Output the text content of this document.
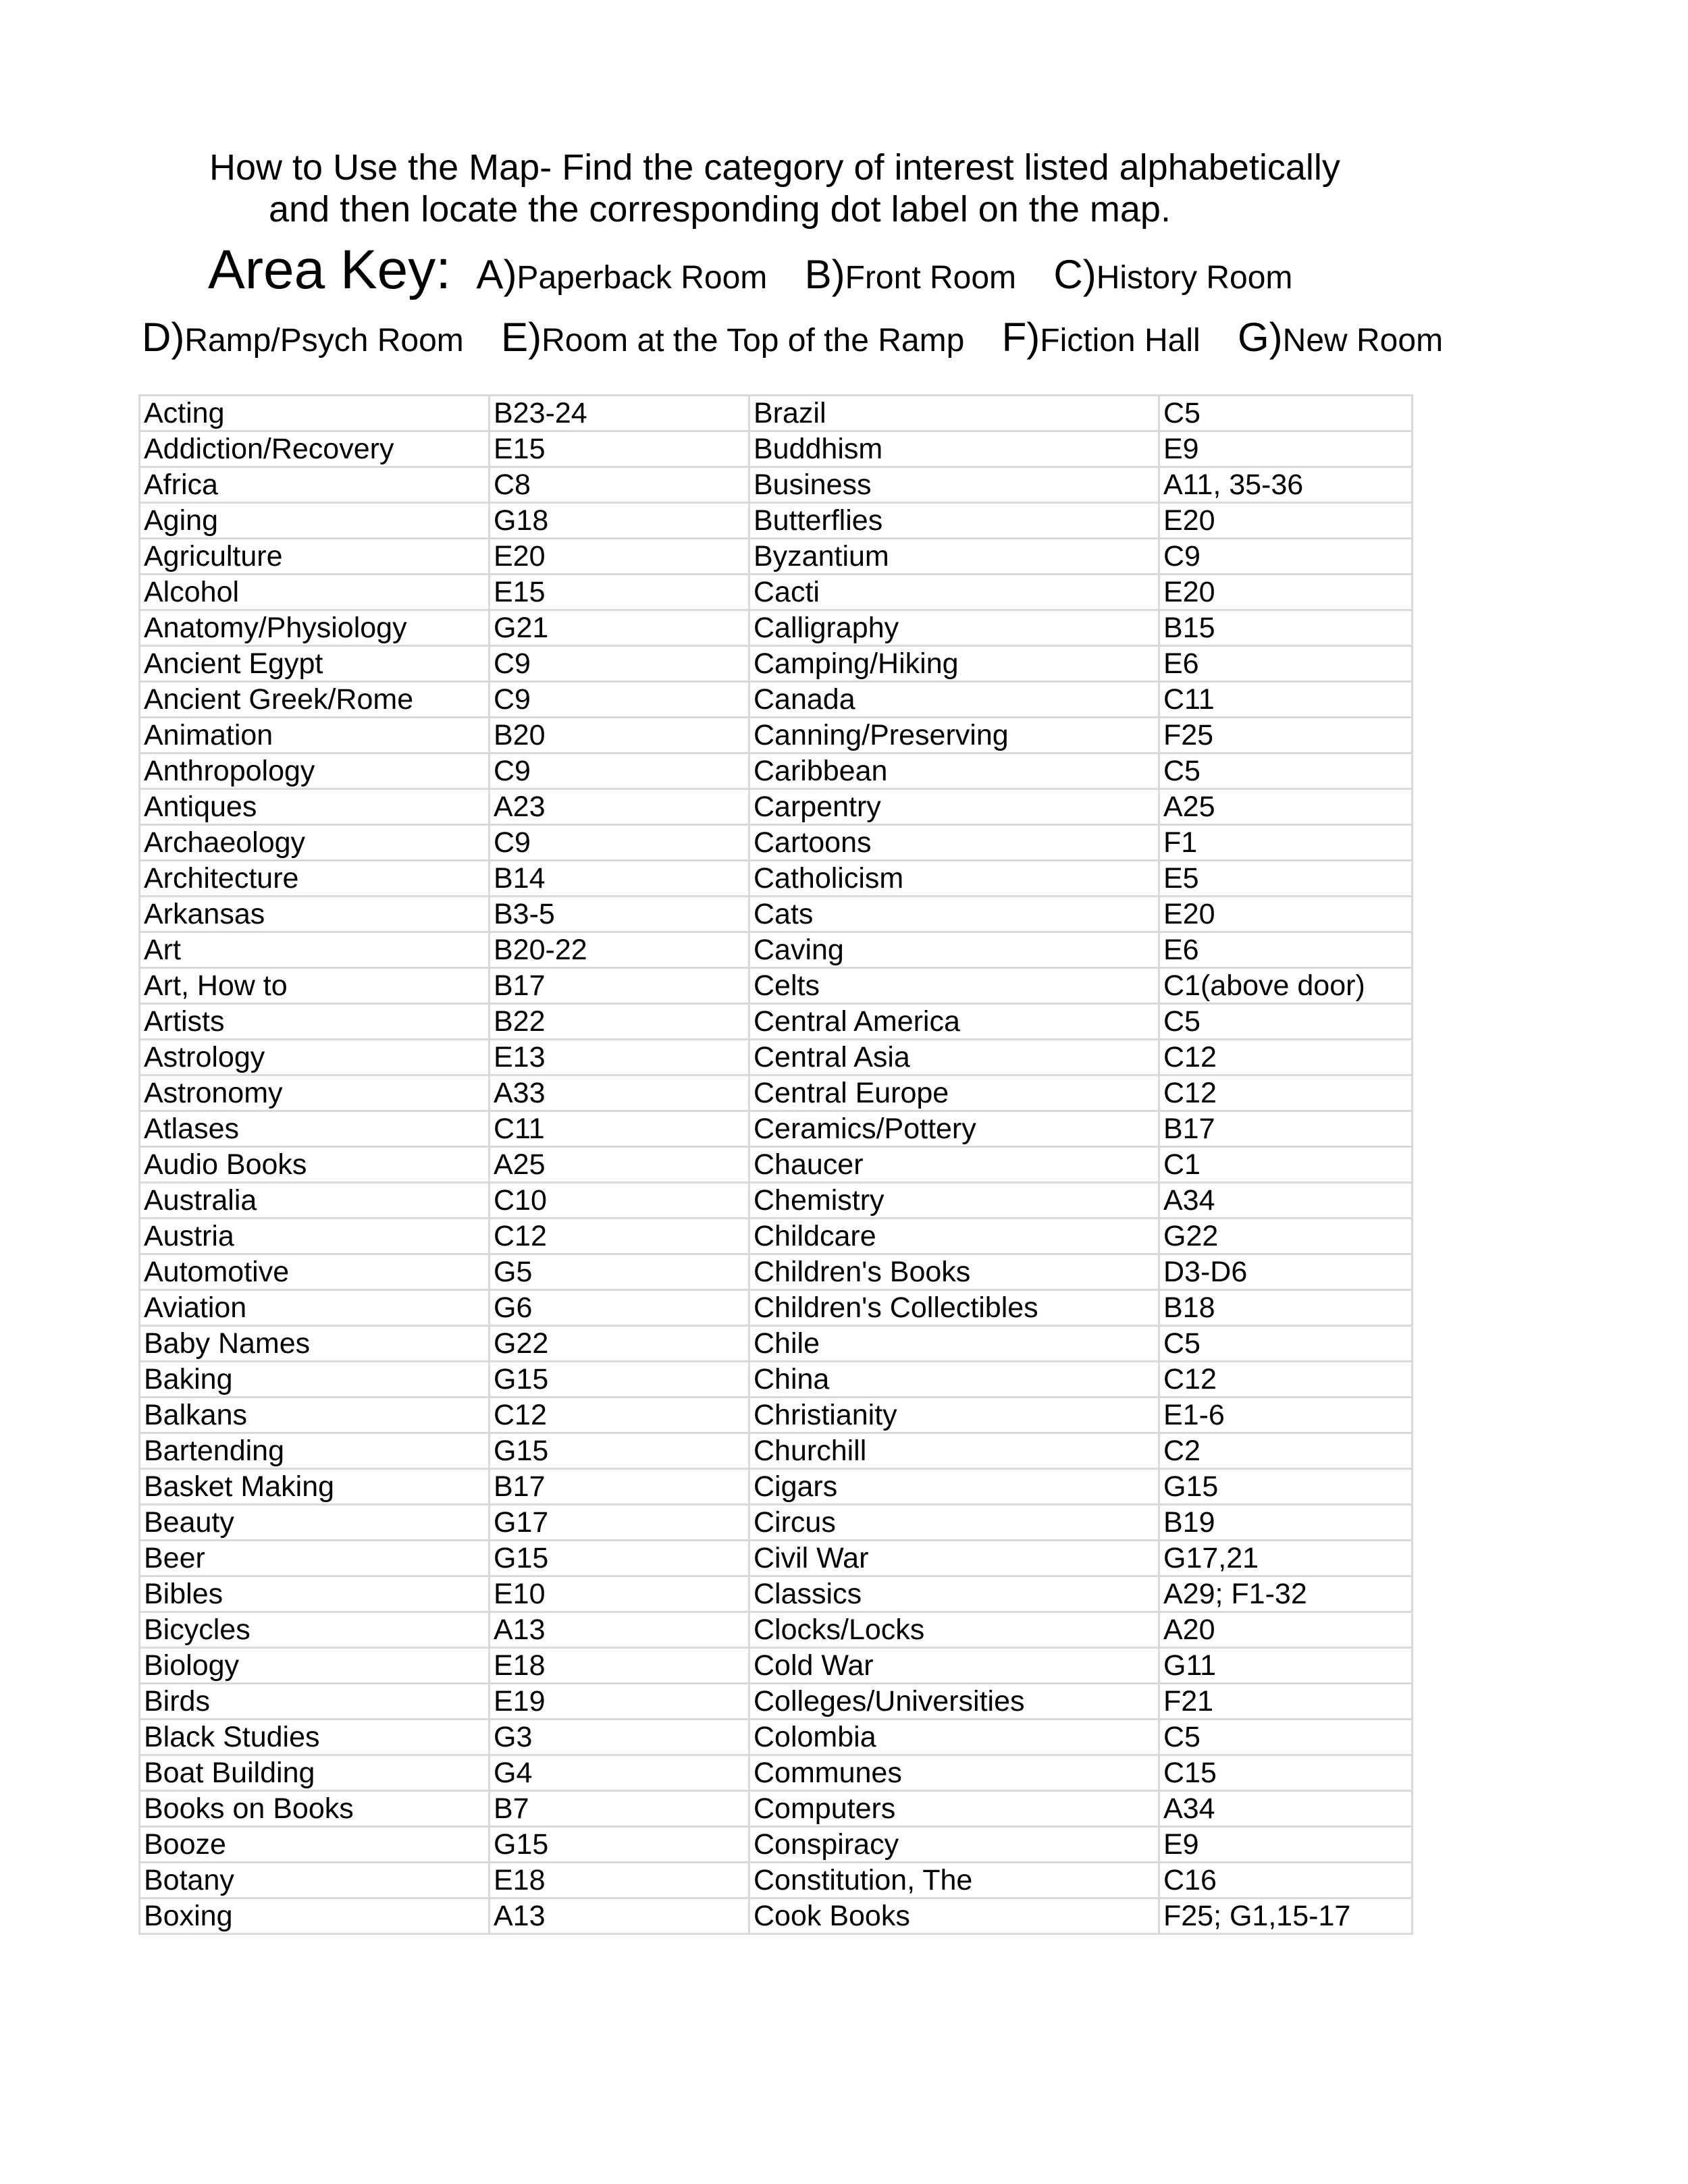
How to Use the Map- Find the category of interest listed alphabetically
and then locate the corresponding dot label on the map.
Area Key: A)Paperback Room B)Front Room C)History Room
D)Ramp/Psych Room E)Room at the Top of the Ramp F)Fiction Hall G)New Room
Acting	B23-24	Brazil	C5
Addiction/Recovery	E15	Buddhism	E9
Africa	C8	Business	A11, 35-36
Aging	G18	Butterflies	E20
Agriculture	E20	Byzantium	C9
Alcohol	E15	Cacti	E20
Anatomy/Physiology	G21	Calligraphy	B15
Ancient Egypt	C9	Camping/Hiking	E6
Ancient Greek/Rome	C9	Canada	C11
Animation	B20	Canning/Preserving	F25
Anthropology	C9	Caribbean	C5
Antiques	A23	Carpentry	A25
Archaeology	C9	Cartoons	F1
Architecture	B14	Catholicism	E5
Arkansas	B3-5	Cats	E20
Art	B20-22	Caving	E6
Art, How to	B17	Celts	C1(above door)
Artists	B22	Central America	C5
Astrology	E13	Central Asia	C12
Astronomy	A33	Central Europe	C12
Atlases	C11	Ceramics/Pottery	B17
Audio Books	A25	Chaucer	C1
Australia	C10	Chemistry	A34
Austria	C12	Childcare	G22
Automotive	G5	Children's Books	D3-D6
Aviation	G6	Children's Collectibles	B18
Baby Names	G22	Chile	C5
Baking	G15	China	C12
Balkans	C12	Christianity	E1-6
Bartending	G15	Churchill	C2
Basket Making	B17	Cigars	G15
Beauty	G17	Circus	B19
Beer	G15	Civil War	G17,21
Bibles	E10	Classics	A29; F1-32
Bicycles	A13	Clocks/Locks	A20
Biology	E18	Cold War	G11
Birds	E19	Colleges/Universities	F21
Black Studies	G3	Colombia	C5
Boat Building	G4	Communes	C15
Books on Books	B7	Computers	A34
Booze	G15	Conspiracy	E9
Botany	E18	Constitution, The	C16
Boxing	A13	Cook Books	F25; G1,15-17
